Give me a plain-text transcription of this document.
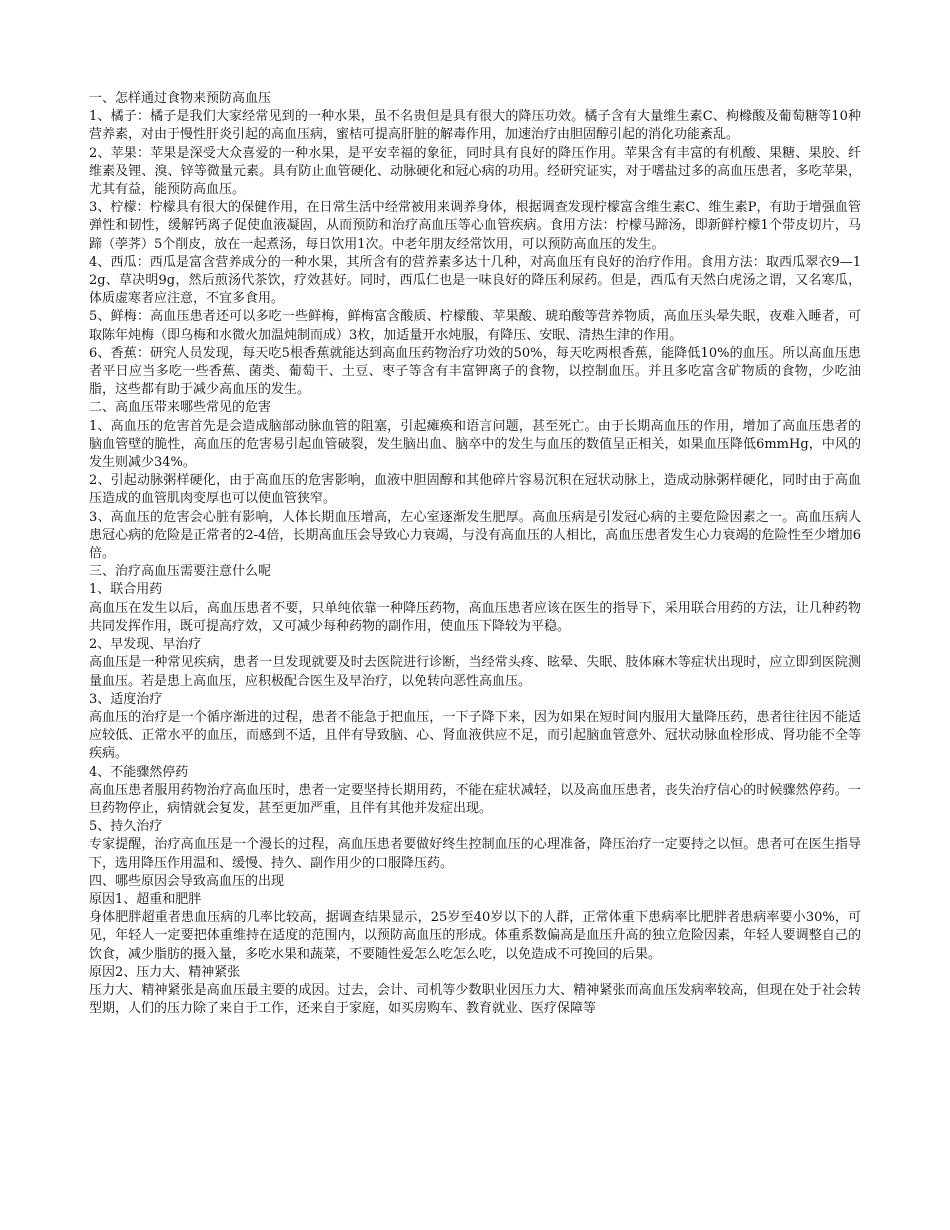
一、怎样通过食物来预防高血压

1、橘子：橘子是我们大家经常见到的一种水果，虽不名贵但是具有很大的降压功效。橘子含有大量维生素C、枸橼酸及葡萄糖等10种营养素，对由于慢性肝炎引起的高血压病，蜜桔可提高肝脏的解毒作用，加速治疗由胆固醇引起的消化功能紊乱。

2、苹果：苹果是深受大众喜爱的一种水果，是平安幸福的象征，同时具有良好的降压作用。苹果含有丰富的有机酸、果糖、果胶、纤维素及锂、溴、锌等微量元素。具有防止血管硬化、动脉硬化和冠心病的功用。经研究证实，对于嗜盐过多的高血压患者，多吃苹果，尤其有益，能预防高血压。

3、柠檬：柠檬具有很大的保健作用，在日常生活中经常被用来调养身体，根据调查发现柠檬富含维生素C、维生素P，有助于增强血管弹性和韧性，缓解钙离子促使血液凝固，从而预防和治疗高血压等心血管疾病。食用方法：柠檬马蹄汤，即新鲜柠檬1个带皮切片，马蹄（荸荠）5个削皮，放在一起煮汤，每日饮用1次。中老年朋友经常饮用，可以预防高血压的发生。

4、西瓜：西瓜是富含营养成分的一种水果，其所含有的营养素多达十几种，对高血压有良好的治疗作用。食用方法：取西瓜翠衣9—12g、草决明9g，然后煎汤代茶饮，疗效甚好。同时，西瓜仁也是一味良好的降压利尿药。但是，西瓜有天然白虎汤之谓，又名寒瓜，体质虚寒者应注意，不宜多食用。

5、鲜梅：高血压患者还可以多吃一些鲜梅，鲜梅富含酸质、柠檬酸、苹果酸、琥珀酸等营养物质，高血压头晕失眠，夜难入睡者，可取陈年炖梅（即乌梅和水微火加温炖制而成）3枚，加适量开水炖服，有降压、安眠、清热生津的作用。

6、香蕉：研究人员发现，每天吃5根香蕉就能达到高血压药物治疗功效的50%，每天吃两根香蕉，能降低10%的血压。所以高血压患者平日应当多吃一些香蕉、菌类、葡萄干、土豆、枣子等含有丰富钾离子的食物，以控制血压。并且多吃富含矿物质的食物，少吃油脂，这些都有助于减少高血压的发生。

二、高血压带来哪些常见的危害

1、高血压的危害首先是会造成脑部动脉血管的阻塞，引起瘫痪和语言问题，甚至死亡。由于长期高血压的作用，增加了高血压患者的脑血管壁的脆性，高血压的危害易引起血管破裂，发生脑出血、脑卒中的发生与血压的数值呈正相关，如果血压降低6mmHg，中风的发生则减少34%。

2、引起动脉粥样硬化，由于高血压的危害影响，血液中胆固醇和其他碎片容易沉积在冠状动脉上，造成动脉粥样硬化，同时由于高血压造成的血管肌肉变厚也可以使血管狭窄。

3、高血压的危害会心脏有影响，人体长期血压增高，左心室逐渐发生肥厚。高血压病是引发冠心病的主要危险因素之一。高血压病人患冠心病的危险是正常者的2-4倍，长期高血压会导致心力衰竭，与没有高血压的人相比，高血压患者发生心力衰竭的危险性至少增加6倍。

三、治疗高血压需要注意什么呢

1、联合用药

高血压在发生以后，高血压患者不要，只单纯依靠一种降压药物，高血压患者应该在医生的指导下，采用联合用药的方法，让几种药物共同发挥作用，既可提高疗效，又可减少每种药物的副作用，使血压下降较为平稳。

2、早发现、早治疗

高血压是一种常见疾病，患者一旦发现就要及时去医院进行诊断，当经常头疼、眩晕、失眠、肢体麻木等症状出现时，应立即到医院测量血压。若是患上高血压，应积极配合医生及早治疗，以免转向恶性高血压。

3、适度治疗

高血压的治疗是一个循序渐进的过程，患者不能急于把血压，一下子降下来，因为如果在短时间内服用大量降压药，患者往往因不能适应较低、正常水平的血压，而感到不适，且伴有导致脑、心、肾血液供应不足，而引起脑血管意外、冠状动脉血栓形成、肾功能不全等疾病。

4、不能骤然停药

高血压患者服用药物治疗高血压时，患者一定要坚持长期用药，不能在症状减轻，以及高血压患者，丧失治疗信心的时候骤然停药。一旦药物停止，病情就会复发，甚至更加严重，且伴有其他并发症出现。

5、持久治疗

专家提醒，治疗高血压是一个漫长的过程，高血压患者要做好终生控制血压的心理准备，降压治疗一定要持之以恒。患者可在医生指导下，选用降压作用温和、缓慢、持久、副作用少的口服降压药。

四、哪些原因会导致高血压的出现

原因1、超重和肥胖

身体肥胖超重者患血压病的几率比较高，据调查结果显示，25岁至40岁以下的人群，正常体重下患病率比肥胖者患病率要小30%，可见，年轻人一定要把体重维持在适度的范围内，以预防高血压的形成。体重系数偏高是血压升高的独立危险因素，年轻人要调整自己的饮食，减少脂肪的摄入量，多吃水果和蔬菜，不要随性爱怎么吃怎么吃，以免造成不可挽回的后果。

原因2、压力大、精神紧张

压力大、精神紧张是高血压最主要的成因。过去，会计、司机等少数职业因压力大、精神紧张而高血压发病率较高，但现在处于社会转型期，人们的压力除了来自于工作，还来自于家庭，如买房购车、教育就业、医疗保障等
